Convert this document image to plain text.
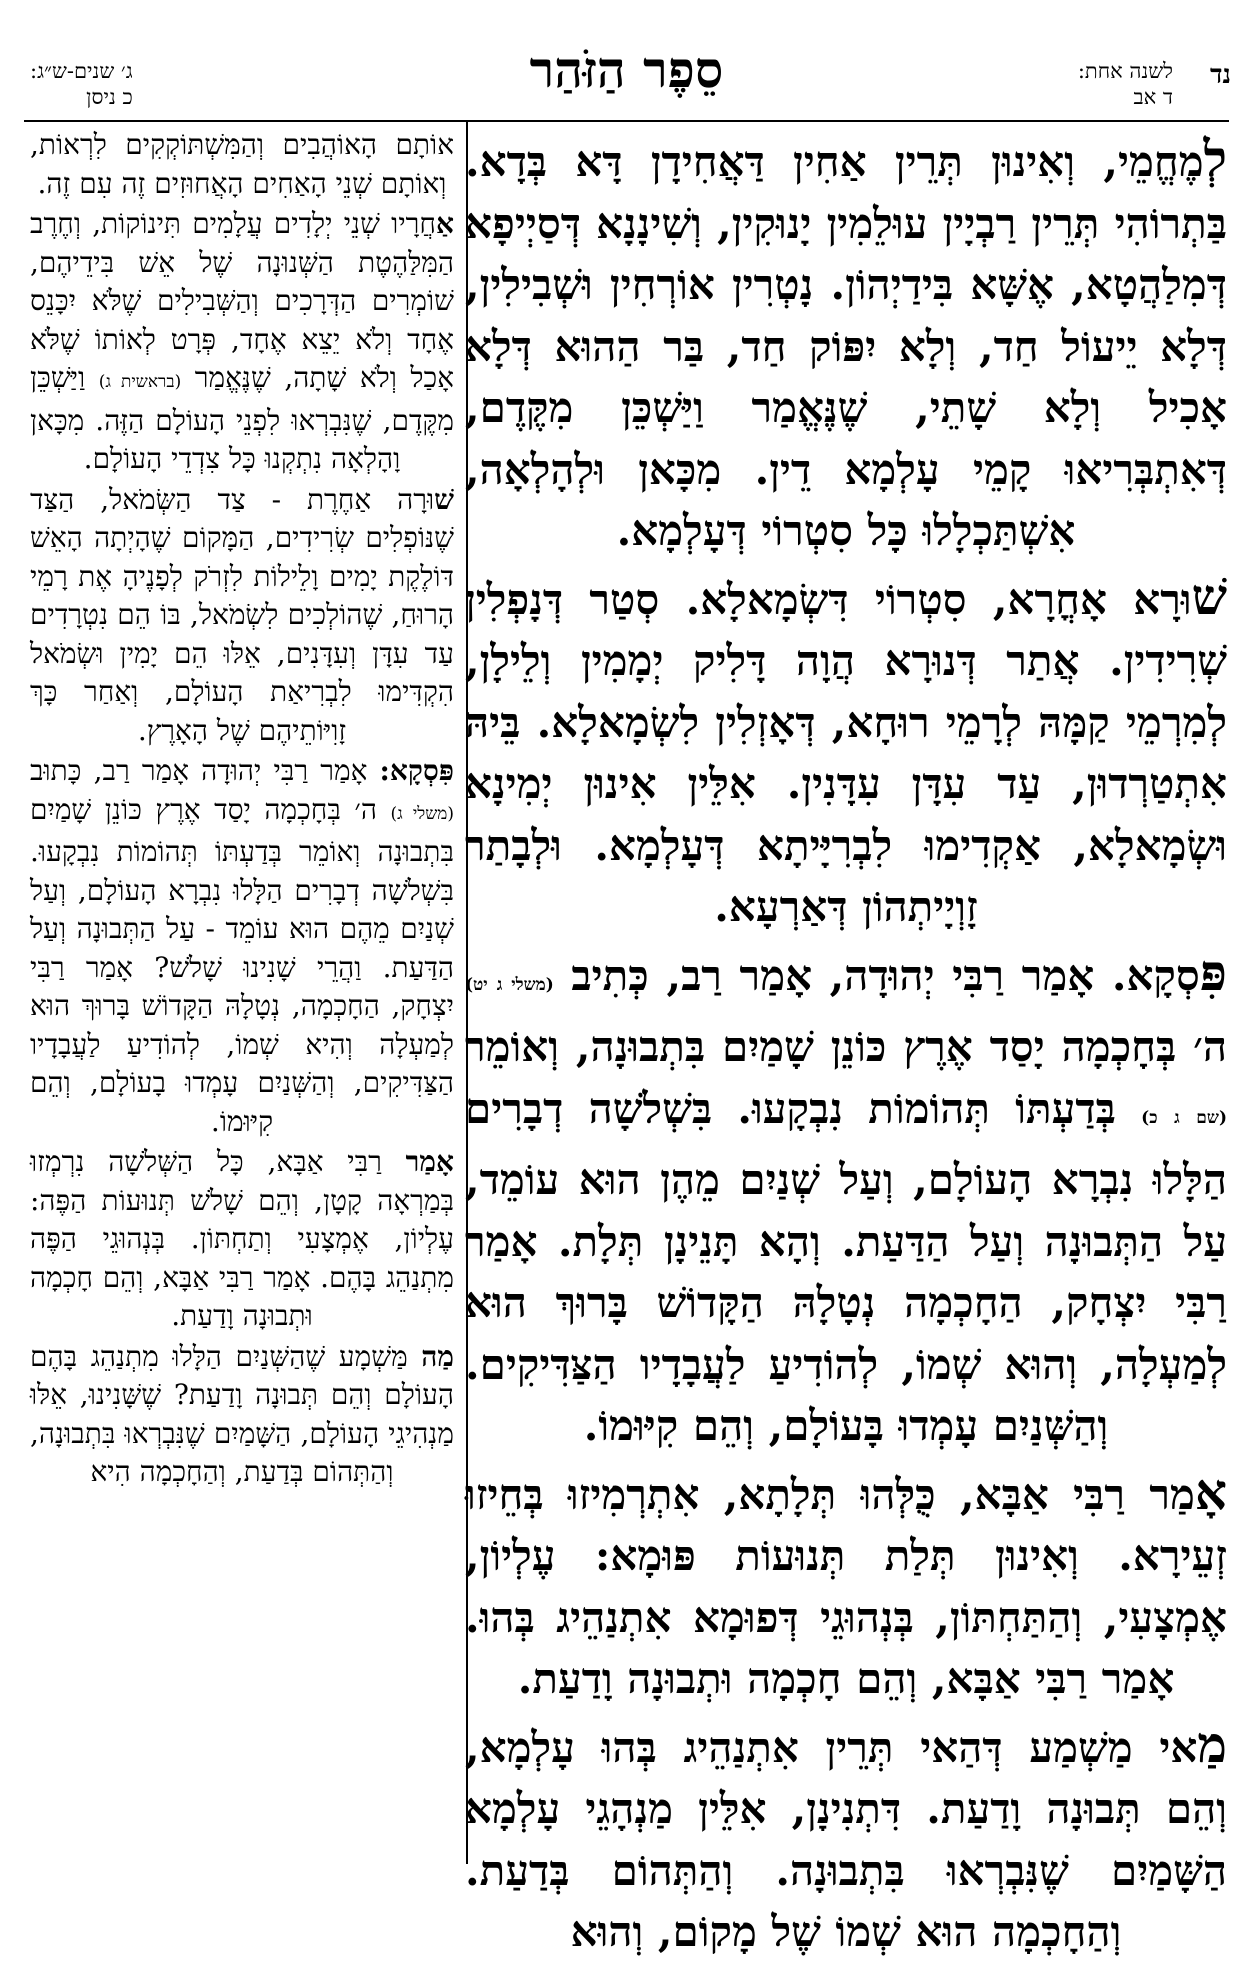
נד
לשנה אחת:
ד אב
סֵפֶר הַזֹּהַר
ג׳ שנים-ש״ג:
כ ניסן

לְמֶחֱמֵי, וְאִינוּן תְּרֵין אַחִין דַּאֲחִידָן דָּא בְּדָא. בַּתְרוֹהִי תְּרֵין רַבְיָין עוּלֵמִין יָנוּקִין, וְשִׁינָנָא דְּסַיְיפָא דְּמִלַהֲטָא, אֶשָּׁא בִּידַיְהוֹן. נָטְרִין אוֹרְחִין וּשְׁבִילִין, דְּלָא יֵיעוֹל חַד, וְלָא יִפּוֹק חַד, בַּר הַהוּא דְּלָא אָכִיל וְלָא שָׁתֵי, שֶׁנֶּאֱמַר וַיַּשְׁכֵּן מִקֶּדֶם, דְּאִתְבְּרִיאוּ קָמֵי עָלְמָא דֵין. מִכָּאן וּלְהָלְאָה, אִשְׁתַּכְלָלוּ כָּל סִטְרוֹי דְּעָלְמָא.

שׁוּרָא אָחֳרָא, סִטְרוֹי דִּשְׂמָאלָא. סְטַר דְּנָפְלִין שְׁרִידִין. אֲתַר דְּנוּרָא הֲוָה דָּלִיק יְמָמִין וְלֵילָן, לְמִרְמֵי קַמָּהּ לְרָמֵי רוּחָא, דְּאָזְלִין לִשְׂמָאלָא. בֵּיהּ אִתְטַרְדוּן, עַד עִדָּן עִדָּנִין. אִלֵּין אִינוּן יְמִינָא וּשְׂמָאלָא, אַקְדִימוּ לִבְרִיָּיתָא דְּעָלְמָא. וּלְבָתַר זָוְיָיתְהוֹן דְּאַרְעָא.

פִּסְקָא. אָמַר רַבִּי יְהוּדָה, אָמַר רַב, כְּתִיב (משלי ג יט) ה׳ בְּחָכְמָה יָסַד אֶרֶץ כּוֹנֵן שָׁמַיִם בִּתְבוּנָה, וְאוֹמֵר (שם ג כ) בְּדַעְתּוֹ תְּהוֹמוֹת נִבְקָעוּ. בִּשְׁלֹשָׁה דְבָרִים הַלָּלוּ נִבְרָא הָעוֹלָם, וְעַל שְׁנַיִם מֵהֶן הוּא עוֹמֵד, עַל הַתְּבוּנָה וְעַל הַדַּעַת. וְהָא תָּנֵינָן תְּלָת. אָמַר רַבִּי יִצְחָק, הַחָכְמָה נְטָלָהּ הַקָּדוֹשׁ בָּרוּךְ הוּא לְמַעְלָה, וְהוּא שְׁמוֹ, לְהוֹדִיעַ לַעֲבָדָיו הַצַּדִּיקִים. וְהַשְּׁנַיִם עָמְדוּ בָּעוֹלָם, וְהֵם קִיּוּמוֹ.

אָמַר רַבִּי אַבָּא, כֻּלְּהוּ תְּלָתָא, אִתְרְמִיזוּ בְּחֵיזוּ זְעֵירָא. וְאִינוּן תְּלַת תְּנוּעוֹת פּוּמָא: עֶלְיוֹן, אֶמְצָעִי, וְהַתַּחְתּוֹן, בְּנְהוּגֵי דְּפוּמָא אִתְנַהֵיג בְּהוּ. אָמַר רַבִּי אַבָּא, וְהֵם חָכְמָה וּתְבוּנָה וָדַעַת.

מַאי מַשְׁמַע דְּהַאי תְּרֵין אִתְנַהֵיג בְּהוּ עָלְמָא, וְהֵם תְּבוּנָה וָדַעַת. דִּתְנִינָן, אִלֵּין מַנְהָגֵי עָלְמָא הַשָּׁמַיִם שֶׁנִּבְרְאוּ בִּתְבוּנָה. וְהַתְּהוֹם בְּדַעַת. וְהַחָכְמָה הוּא שְׁמוֹ שֶׁל מָקוֹם, וְהוּא

אוֹתָם הָאוֹהֲבִים וְהַמִּשְׁתּוֹקְקִים לִרְאוֹת, וְאוֹתָם שְׁנֵי הָאַחִים הָאֲחוּזִים זֶה עִם זֶה.

אַחֲרָיו שְׁנֵי יְלָדִים עֲלָמִים תִּינוֹקוֹת, וְחֶרֶב הַמִּלַּהֶטֶת הַשְּׁנוּנָה שֶׁל אֵשׁ בִּידֵיהֶם, שׁוֹמְרִים הַדְּרָכִים וְהַשְּׁבִילִים שֶׁלֹּא יִכָּנֵס אֶחָד וְלֹא יֵצֵא אֶחָד, פְּרָט לְאוֹתוֹ שֶׁלֹּא אָכַל וְלֹא שָׁתָה, שֶׁנֶּאֱמַר (בראשית ג) וַיַּשְׁכֵּן מִקֶּדֶם, שֶׁנִּבְרְאוּ לִפְנֵי הָעוֹלָם הַזֶּה. מִכָּאן וָהָלְאָה נִתְקְנוּ כָּל צִדְדֵי הָעוֹלָם.

שׁוּרָה אַחֶרֶת - צַד הַשְּׂמֹאל, הַצַּד שֶׁנּוֹפְלִים שְׂרִידִים, הַמָּקוֹם שֶׁהָיְתָה הָאֵשׁ דּוֹלֶקֶת יָמִים וָלֵילוֹת לִזְרֹק לְפָנֶיהָ אֶת רָמֵי הָרוּחַ, שֶׁהוֹלְכִים לִשְׂמֹאל, בּוֹ הֵם נִטְרָדִים עַד עִדָּן וְעִדָּנִים, אֵלּוּ הֵם יָמִין וּשְׂמֹאל הִקְדִּימוּ לִבְרִיאַת הָעוֹלָם, וְאַחַר כָּךְ זָוִיּוֹתֵיהֶם שֶׁל הָאָרֶץ.

פִּסְקָא: אָמַר רַבִּי יְהוּדָה אָמַר רַב, כָּתוּב (משלי ג) ה׳ בְּחָכְמָה יָסַד אֶרֶץ כּוֹנֵן שָׁמַיִם בִּתְבוּנָה וְאוֹמֵר בְּדַעְתּוֹ תְּהוֹמוֹת נִבְקָעוּ. בִּשְׁלֹשָׁה דְבָרִים הַלָּלוּ נִבְרָא הָעוֹלָם, וְעַל שְׁנַיִם מֵהֶם הוּא עוֹמֵד - עַל הַתְּבוּנָה וְעַל הַדַּעַת. וַהֲרֵי שָׁנִינוּ שָׁלֹשׁ? אָמַר רַבִּי יִצְחָק, הַחָכְמָה, נְטָלָהּ הַקָּדוֹשׁ בָּרוּךְ הוּא לְמַעְלָה וְהִיא שְׁמוֹ, לְהוֹדִיעַ לַעֲבָדָיו הַצַּדִּיקִים, וְהַשְּׁנַיִם עָמְדוּ בָעוֹלָם, וְהֵם קִיּוּמוֹ.

אָמַר רַבִּי אַבָּא, כָּל הַשְּׁלֹשָׁה נִרְמְזוּ בְּמַרְאָה קָטָן, וְהֵם שָׁלֹשׁ תְּנוּעוֹת הַפֶּה: עֶלְיוֹן, אֶמְצָעִי וְתַחְתּוֹן. בְּנְהוּגֵי הַפֶּה מִתְנַהֵג בָּהֶם. אָמַר רַבִּי אַבָּא, וְהֵם חָכְמָה וּתְבוּנָה וָדַעַת.

מַה מַּשְׁמָע שֶׁהַשְּׁנַיִם הַלָּלוּ מִתְנַהֵג בָּהֶם הָעוֹלָם וְהֵם תְּבוּנָה וָדַעַת? שֶׁשָּׁנִינוּ, אֵלּוּ מַנְהִיגֵי הָעוֹלָם, הַשָּׁמַיִם שֶׁנִּבְרְאוּ בִּתְבוּנָה, וְהַתְּהוֹם בְּדַעַת, וְהַחָכְמָה הִיא
